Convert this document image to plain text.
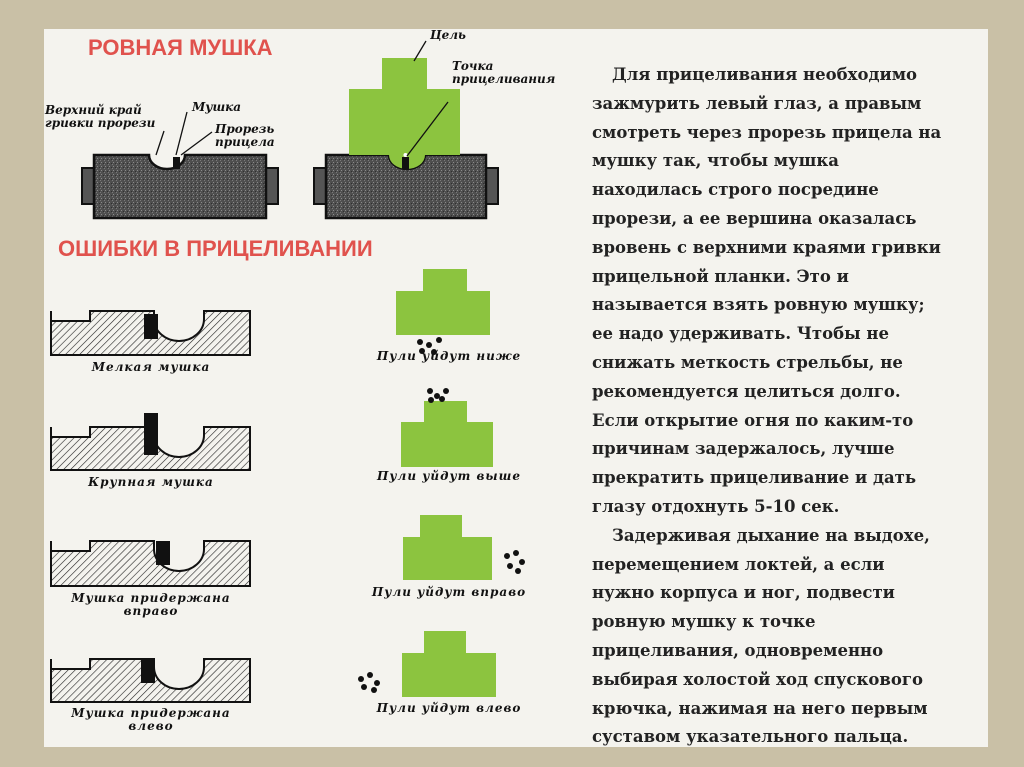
РОВНАЯ МУШКА
ОШИБКИ В ПРИЦЕЛИВАНИИ
Верхний край
гривки прорези
Мушка
Прорезь
прицела
Цель
Точка
прицеливания
Мелкая мушка
Крупная мушка
Мушка придержана
вправо
Мушка придержана
влево
Пули уйдут ниже
Пули уйдут выше
Пули уйдут вправо
Пули уйдут влево

Для прицеливания необходимо

зажмурить левый глаз, а правым

смотреть через прорезь прицела на

мушку так, чтобы мушка

находилась строго посредине

прорези, а ее вершина оказалась

вровень с верхними краями гривки

прицельной планки. Это и

называется взять ровную мушку;

ее надо удерживать. Чтобы не

снижать меткость стрельбы, не

рекомендуется целиться долго.

Если открытие огня по каким-то

причинам задержалось, лучше

прекратить прицеливание и дать

глазу отдохнуть 5-10 сек.

Задерживая дыхание на выдохе,

перемещением локтей, а если

нужно корпуса и ног, подвести

ровную мушку к точке

прицеливания, одновременно

выбирая холостой ход спускового

крючка, нажимая на него первым

суставом указательного пальца.
